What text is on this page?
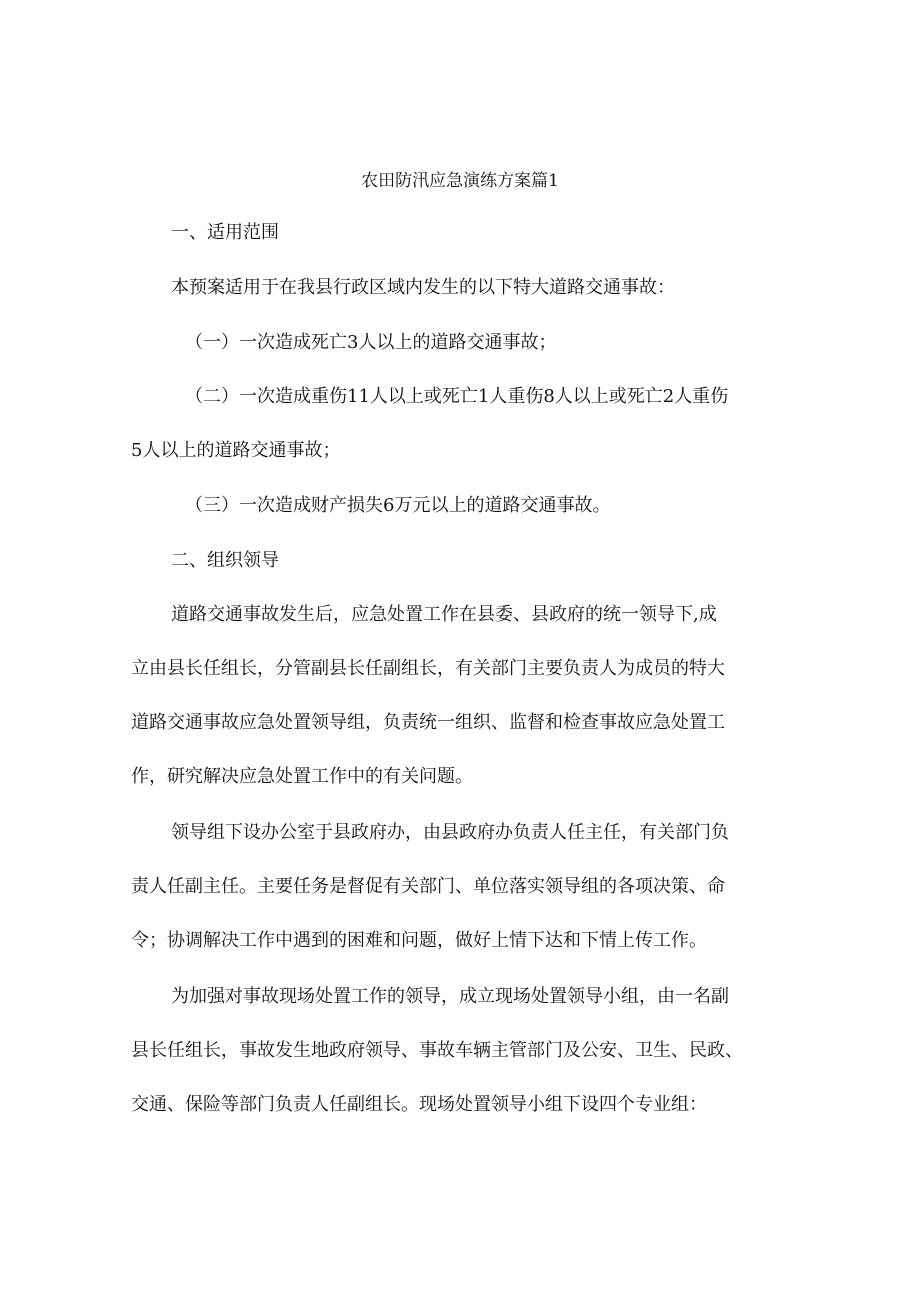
农田防汛应急演练方案篇1
一、适用范围
本预案适用于在我县行政区域内发生的以下特大道路交通事故：
（一）一次造成死亡3人以上的道路交通事故；
（二）一次造成重伤11人以上或死亡1人重伤8人以上或死亡2人重伤
5人以上的道路交通事故；
（三）一次造成财产损失6万元以上的道路交通事故。
二、组织领导
道路交通事故发生后，应急处置工作在县委、县政府的统一领导下,成
立由县长任组长，分管副县长任副组长，有关部门主要负责人为成员的特大
道路交通事故应急处置领导组，负责统一组织、监督和检查事故应急处置工
作，研究解决应急处置工作中的有关问题。
领导组下设办公室于县政府办，由县政府办负责人任主任，有关部门负
责人任副主任。主要任务是督促有关部门、单位落实领导组的各项决策、命
令；协调解决工作中遇到的困难和问题，做好上情下达和下情上传工作。
为加强对事故现场处置工作的领导，成立现场处置领导小组，由一名副
县长任组长，事故发生地政府领导、事故车辆主管部门及公安、卫生、民政、
交通、保险等部门负责人任副组长。现场处置领导小组下设四个专业组：
